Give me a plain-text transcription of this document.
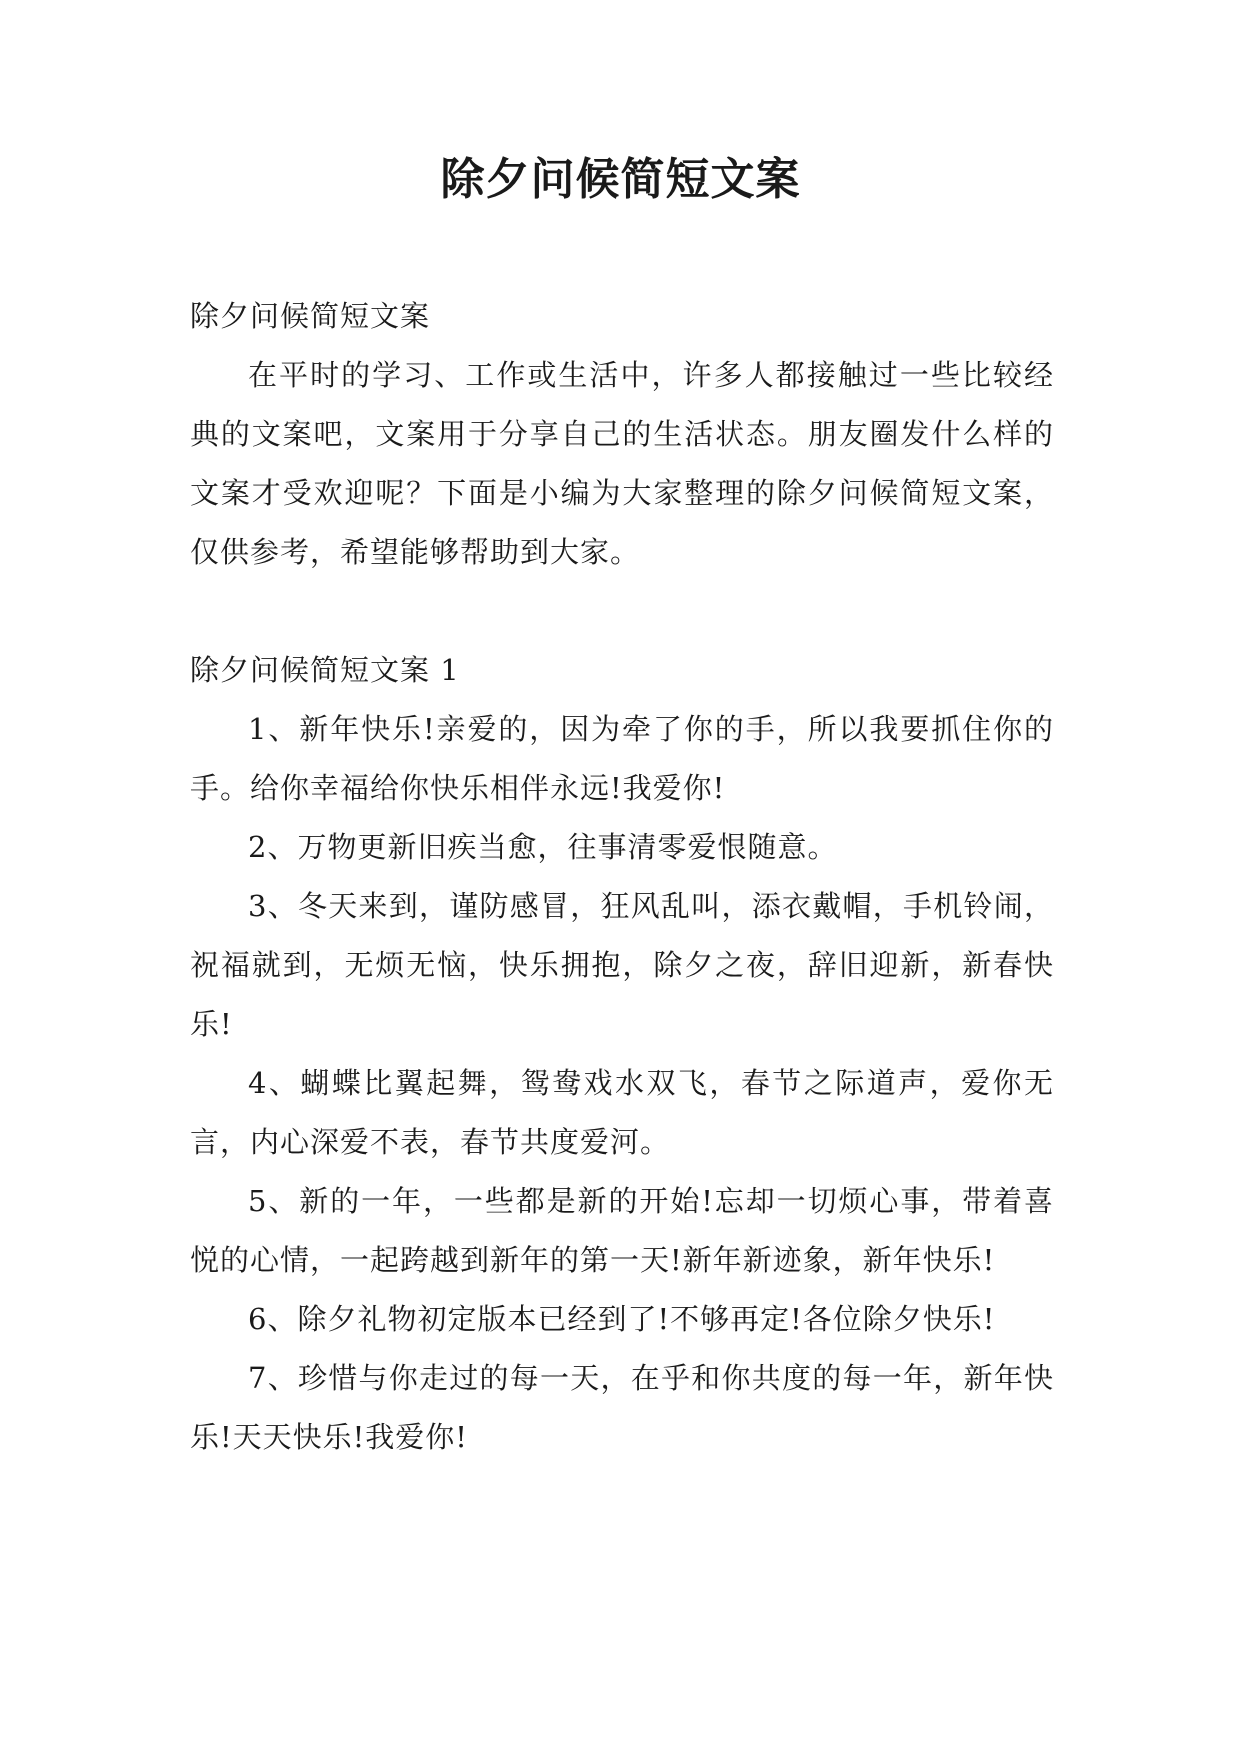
除夕问候简短文案

除夕问候简短文案

在平时的学习、工作或生活中，许多人都接触过一些比较经典的文案吧，文案用于分享自己的生活状态。朋友圈发什么样的文案才受欢迎呢？下面是小编为大家整理的除夕问候简短文案，仅供参考，希望能够帮助到大家。

除夕问候简短文案 1

1、新年快乐!亲爱的，因为牵了你的手，所以我要抓住你的手。给你幸福给你快乐相伴永远!我爱你!

2、万物更新旧疾当愈，往事清零爱恨随意。

3、冬天来到，谨防感冒，狂风乱叫，添衣戴帽，手机铃闹，祝福就到，无烦无恼，快乐拥抱，除夕之夜，辞旧迎新，新春快乐!

4、蝴蝶比翼起舞，鸳鸯戏水双飞，春节之际道声，爱你无言，内心深爱不表，春节共度爱河。

5、新的一年，一些都是新的开始!忘却一切烦心事，带着喜悦的心情，一起跨越到新年的第一天!新年新迹象，新年快乐!

6、除夕礼物初定版本已经到了!不够再定!各位除夕快乐!

7、珍惜与你走过的每一天，在乎和你共度的每一年，新年快乐!天天快乐!我爱你!
